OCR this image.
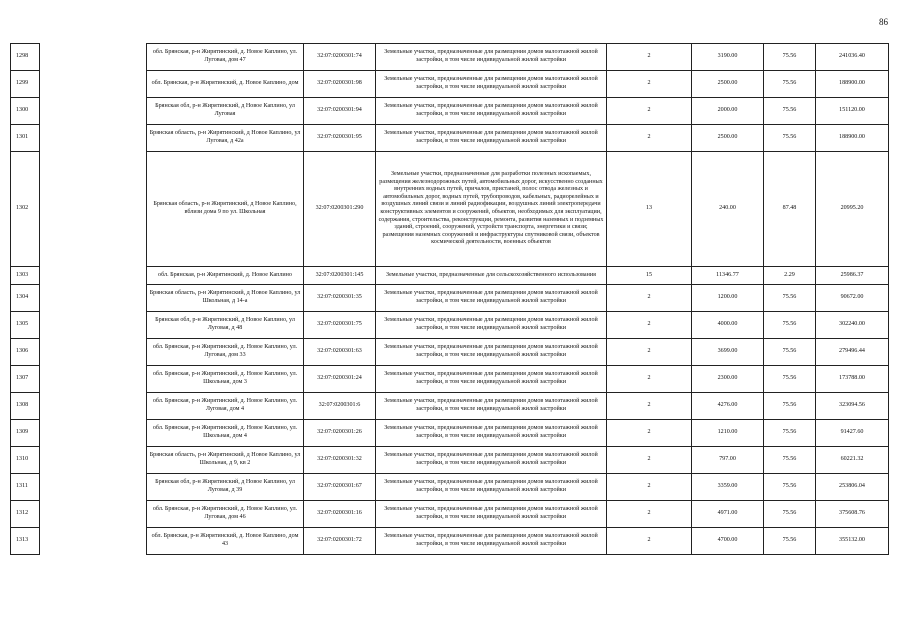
86
1298		обл. Брянская, р-н Жирятинский, д. Новое Каплино, ул. Луговая, дом 47	32:07:0200301:74	Земельные участки, предназначенные для размещения домов малоэтажной жилой застройки, в том числе индивидуальной жилой застройки	2	3190.00	75.56	241036.40
1299		обл. Брянская, р-н Жирятинский, д. Новое Каплино, дом	32:07:0200301:98	Земельные участки, предназначенные для размещения домов малоэтажной жилой застройки, в том числе индивидуальной жилой застройки	2	2500.00	75.56	188900.00
1300		Брянская обл, р-н Жирятинский, д Новое Каплино, ул Луговая	32:07:0200301:94	Земельные участки, предназначенные для размещения домов малоэтажной жилой застройки, в том числе индивидуальной жилой застройки	2	2000.00	75.56	151120.00
1301		Брянская область, р-н Жирятинский, д Новое Каплино, ул Луговая, д 42а	32:07:0200301:95	Земельные участки, предназначенные для размещения домов малоэтажной жилой застройки, в том числе индивидуальной жилой застройки	2	2500.00	75.56	188900.00
1302		Брянская область, р-н Жирятинский, д Новое Каплино, вблизи дома 9 по ул. Школьная	32:07:0200301:290	Земельные участки, предназначенные для разработки полезных ископаемых, размещения железнодорожных путей, автомобильных дорог, искусственно созданных внутренних водных путей, причалов, пристаней, полос отвода железных и автомобильных дорог, водных путей, трубопроводов, кабельных, радиорелейных и воздушных линий связи и линий радиофикации, воздушных линий электропередачи конструктивных элементов и сооружений, объектов, необходимых для эксплуатации, содержания, строительства, реконструкции, ремонта, развития наземных и подземных зданий, строений, сооружений, устройств транспорта, энергетики и связи; размещения наземных сооружений и инфраструктуры спутниковой связи, объектов космической деятельности, военных объектов	13	240.00	87.48	20995.20
1303		обл. Брянская, р-н Жирятинский, д. Новое Каплино	32:07:0200301:145	Земельные участки, предназначенные для сельскохозяйственного использования	15	11346.77	2.29	25986.37
1304		Брянская область, р-н Жирятинский, д Новое Каплино, ул Школьная, д 14-а	32:07:0200301:35	Земельные участки, предназначенные для размещения домов малоэтажной жилой застройки, в том числе индивидуальной жилой застройки	2	1200.00	75.56	90672.00
1305		Брянская обл, р-н Жирятинский, д Новое Каплино, ул Луговая, д 48	32:07:0200301:75	Земельные участки, предназначенные для размещения домов малоэтажной жилой застройки, в том числе индивидуальной жилой застройки	2	4000.00	75.56	302240.00
1306		обл. Брянская, р-н Жирятинский, д. Новое Каплино, ул. Луговая, дом 33	32:07:0200301:63	Земельные участки, предназначенные для размещения домов малоэтажной жилой застройки, в том числе индивидуальной жилой застройки	2	3699.00	75.56	279496.44
1307		обл. Брянская, р-н Жирятинский, д. Новое Каплино, ул. Школьная, дом 3	32:07:0200301:24	Земельные участки, предназначенные для размещения домов малоэтажной жилой застройки, в том числе индивидуальной жилой застройки	2	2300.00	75.56	173788.00
1308		обл. Брянская, р-н Жирятинский, д. Новое Каплино, ул. Луговая, дом 4	32:07:0200301:6	Земельные участки, предназначенные для размещения домов малоэтажной жилой застройки, в том числе индивидуальной жилой застройки	2	4276.00	75.56	323094.56
1309		обл. Брянская, р-н Жирятинский, д. Новое Каплино, ул. Школьная, дом 4	32:07:0200301:26	Земельные участки, предназначенные для размещения домов малоэтажной жилой застройки, в том числе индивидуальной жилой застройки	2	1210.00	75.56	91427.60
1310		Брянская область, р-н Жирятинский, д Новое Каплино, ул Школьная, д 9, кв 2	32:07:0200301:32	Земельные участки, предназначенные для размещения домов малоэтажной жилой застройки, в том числе индивидуальной жилой застройки	2	797.00	75.56	60221.32
1311		Брянская обл, р-н Жирятинский, д Новое Каплино, ул Луговая, д 39	32:07:0200301:67	Земельные участки, предназначенные для размещения домов малоэтажной жилой застройки, в том числе индивидуальной жилой застройки	2	3359.00	75.56	253806.04
1312		обл. Брянская, р-н Жирятинский, д. Новое Каплино, ул. Луговая, дом 46	32:07:0200301:16	Земельные участки, предназначенные для размещения домов малоэтажной жилой застройки, в том числе индивидуальной жилой застройки	2	4971.00	75.56	375608.76
1313		обл. Брянская, р-н Жирятинский, д. Новое Каплино, дом 43	32:07:0200301:72	Земельные участки, предназначенные для размещения домов малоэтажной жилой застройки, в том числе индивидуальной жилой застройки	2	4700.00	75.56	355132.00
